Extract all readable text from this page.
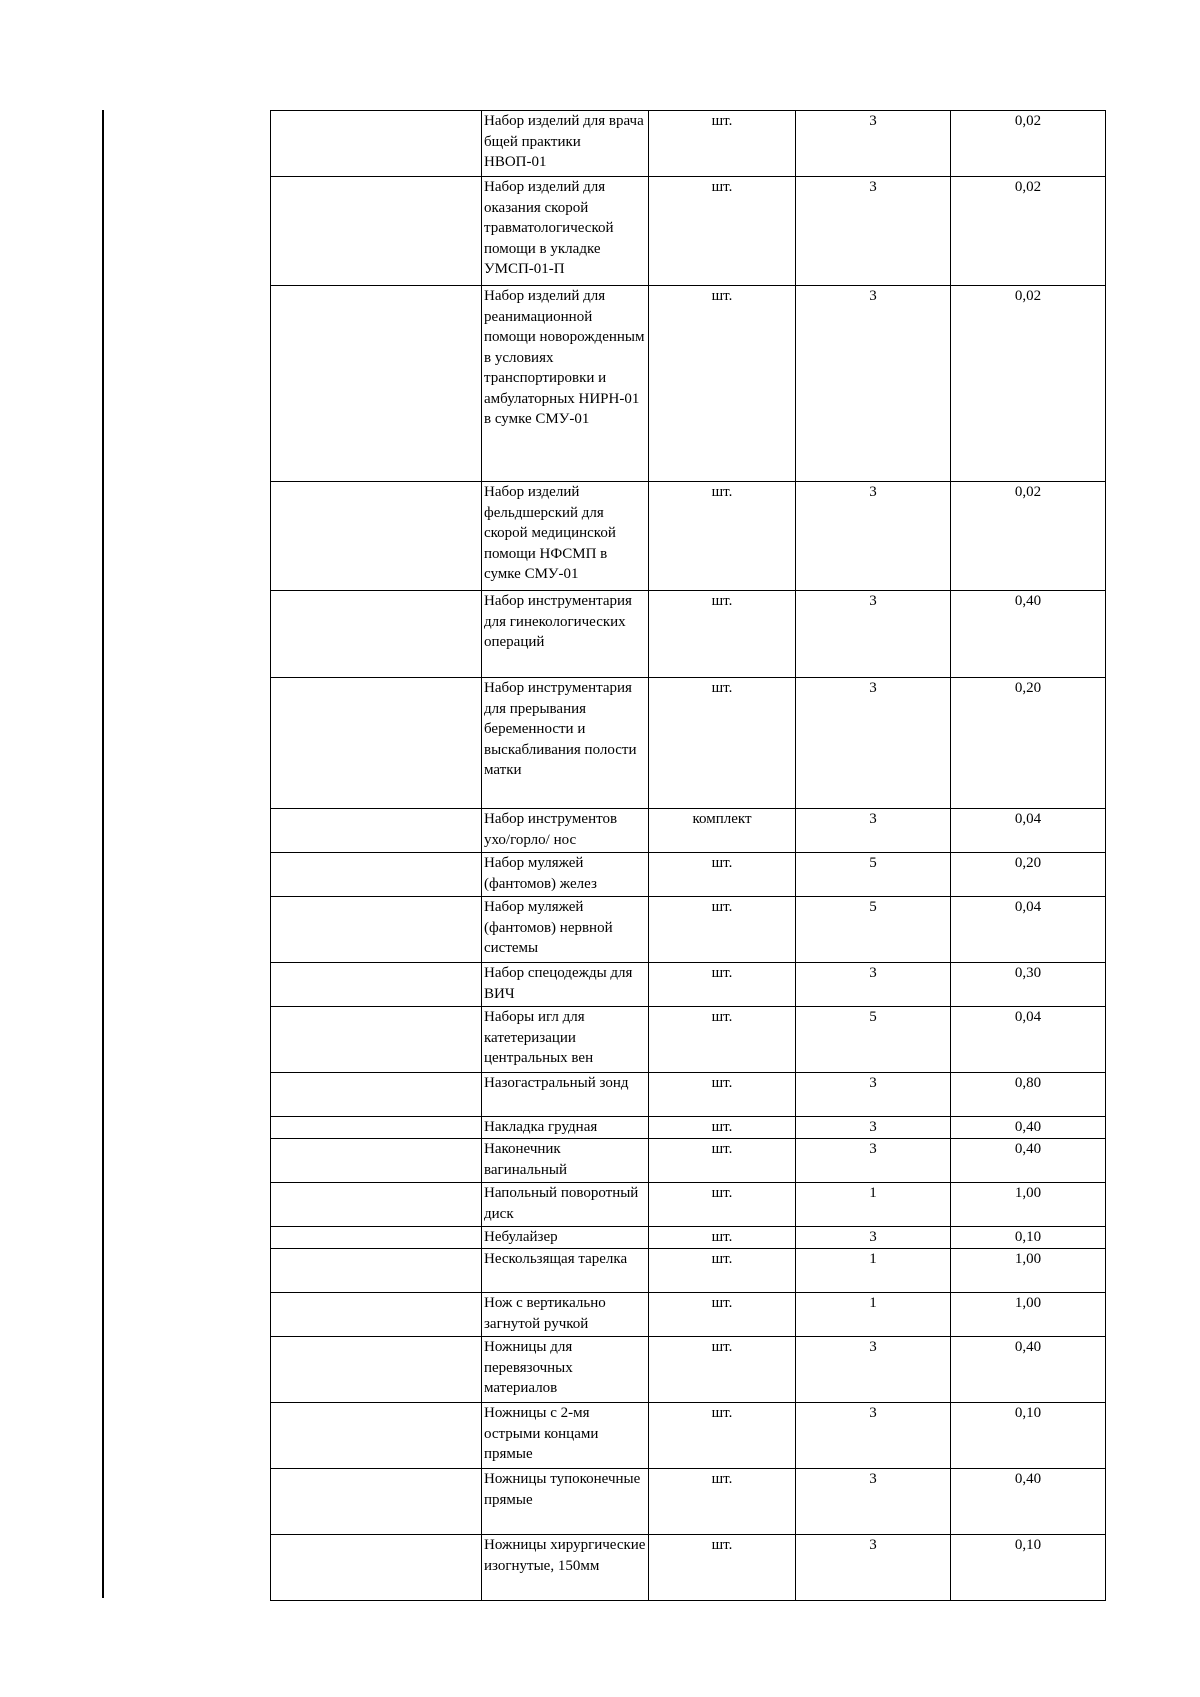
	Набор изделий для врача бщей практики НВОП-01	шт.	3	0,02
	Набор изделий для оказания скорой травматологической помощи в укладке УМСП-01-П	шт.	3	0,02
	Набор изделий для реанимационной помощи новорожденным в условиях транспортировки и амбулаторных НИРН-01 в сумке СМУ-01	шт.	3	0,02
	Набор изделий фельдшерский для скорой медицинской помощи НФСМП в сумке СМУ-01	шт.	3	0,02
	Набор инструментария для гинекологических операций	шт.	3	0,40
	Набор инструментария для прерывания беременности и выскабливания полости матки	шт.	3	0,20
	Набор инструментов ухо/горло/ нос	комплект	3	0,04
	Набор муляжей (фантомов) желез	шт.	5	0,20
	Набор муляжей (фантомов) нервной системы	шт.	5	0,04
	Набор спецодежды для ВИЧ	шт.	3	0,30
	Наборы игл для катетеризации центральных вен	шт.	5	0,04
	Назогастральный зонд	шт.	3	0,80
	Накладка грудная	шт.	3	0,40
	Наконечник вагинальный	шт.	3	0,40
	Напольный поворотный диск	шт.	1	1,00
	Небулайзер	шт.	3	0,10
	Нескользящая тарелка	шт.	1	1,00
	Нож с вертикально загнутой ручкой	шт.	1	1,00
	Ножницы для перевязочных материалов	шт.	3	0,40
	Ножницы с 2-мя острыми концами прямые	шт.	3	0,10
	Ножницы тупоконечные прямые	шт.	3	0,40
	Ножницы хирургические изогнутые, 150мм	шт.	3	0,10
